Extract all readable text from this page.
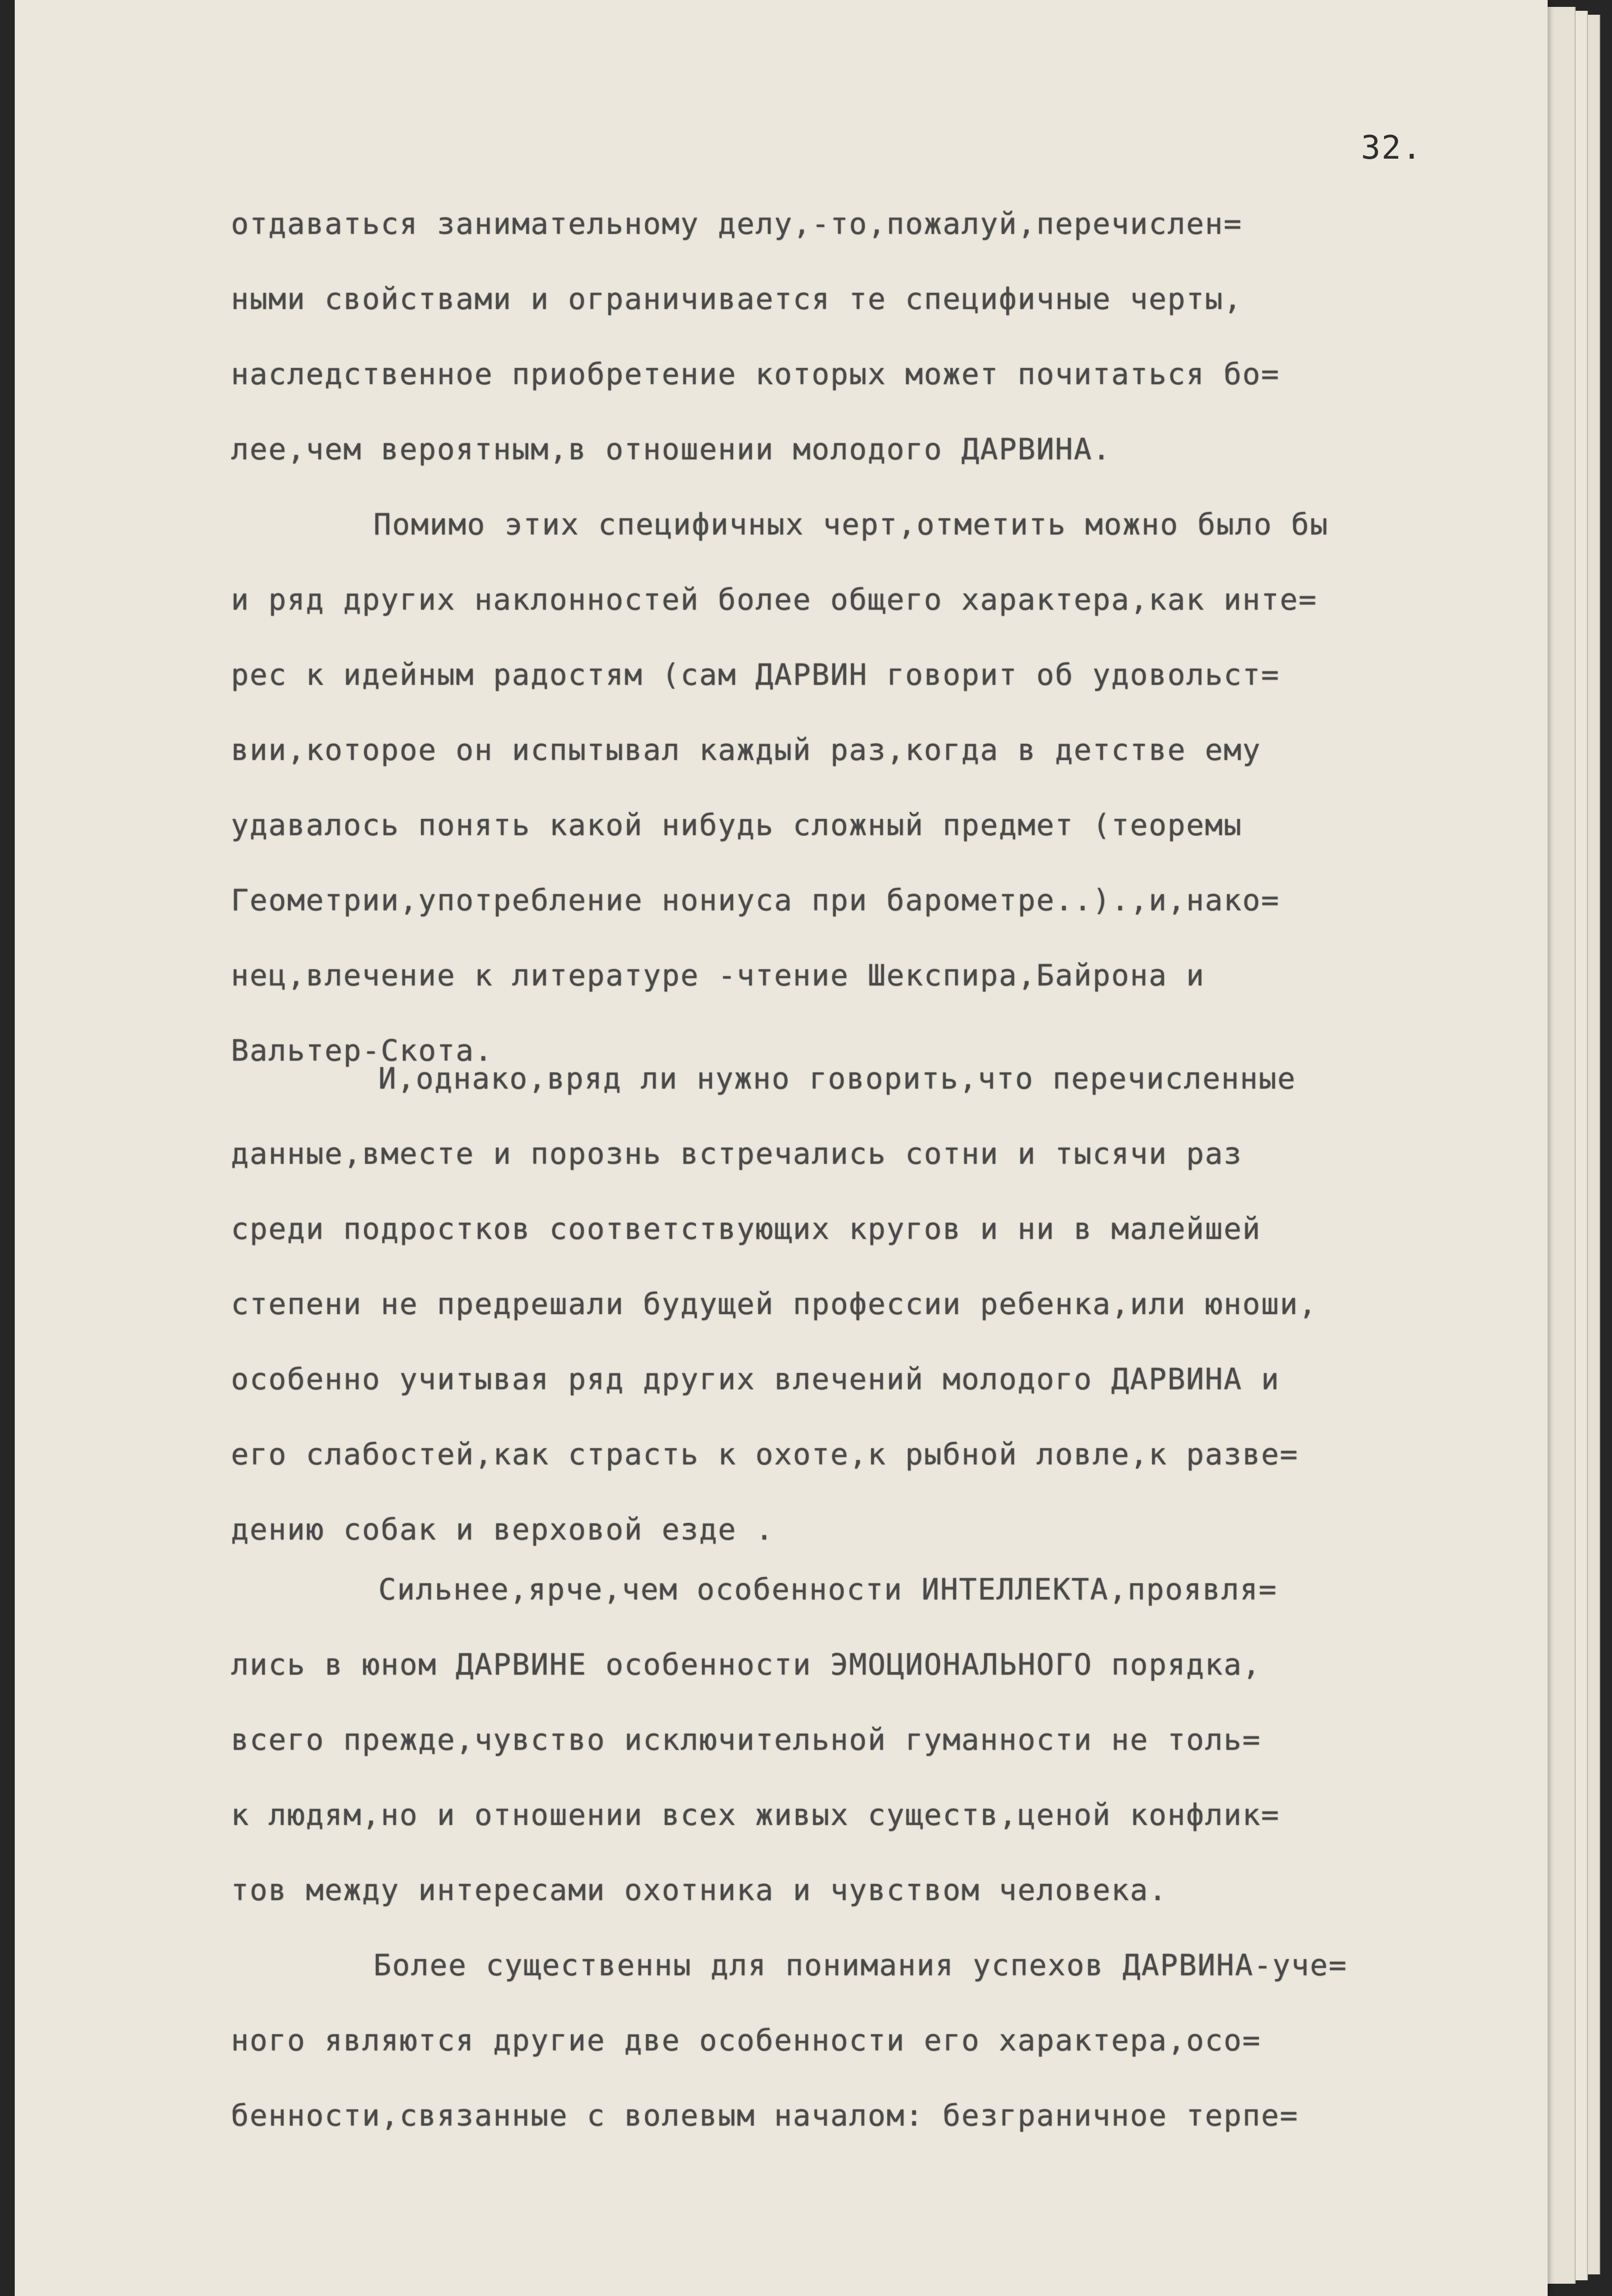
32.
отдаваться занимательному делу,-то,пожалуй,перечислен=
ными свойствами и ограничивается те специфичные черты,
наследственное приобретение которых может почитаться бо=
лее,чем вероятным,в отношении молодого ДАРВИНА.
Помимо этих специфичных черт,отметить можно было бы
и ряд других наклонностей более общего характера,как инте=
рес к идейным радостям (сам ДАРВИН говорит об удовольст=
вии,которое он испытывал каждый раз,когда в детстве ему
удавалось понять какой нибудь сложный предмет (теоремы
Геометрии,употребление нониуса при барометре..).,и,нако=
нец,влечение к литературе -чтение Шекспира,Байрона и
Вальтер-Скота.
И,однако,вряд ли нужно говорить,что перечисленные
данные,вместе и порознь встречались сотни и тысячи раз
среди подростков соответствующих кругов и ни в малейшей
степени не предрешали будущей профессии ребенка,или юноши,
особенно учитывая ряд других влечений молодого ДАРВИНА и
его слабостей,как страсть к охоте,к рыбной ловле,к разве=
дению собак и верховой езде .
Сильнее,ярче,чем особенности ИНТЕЛЛЕКТА,проявля=
лись в юном ДАРВИНЕ особенности ЭМОЦИОНАЛЬНОГО порядка,
всего прежде,чувство исключительной гуманности не толь=
к людям,но и отношении всех живых существ,ценой конфлик=
тов между интересами охотника и чувством человека.
Более существенны для понимания успехов ДАРВИНА-уче=
ного являются другие две особенности его характера,осо=
бенности,связанные с волевым началом: безграничное терпе=
